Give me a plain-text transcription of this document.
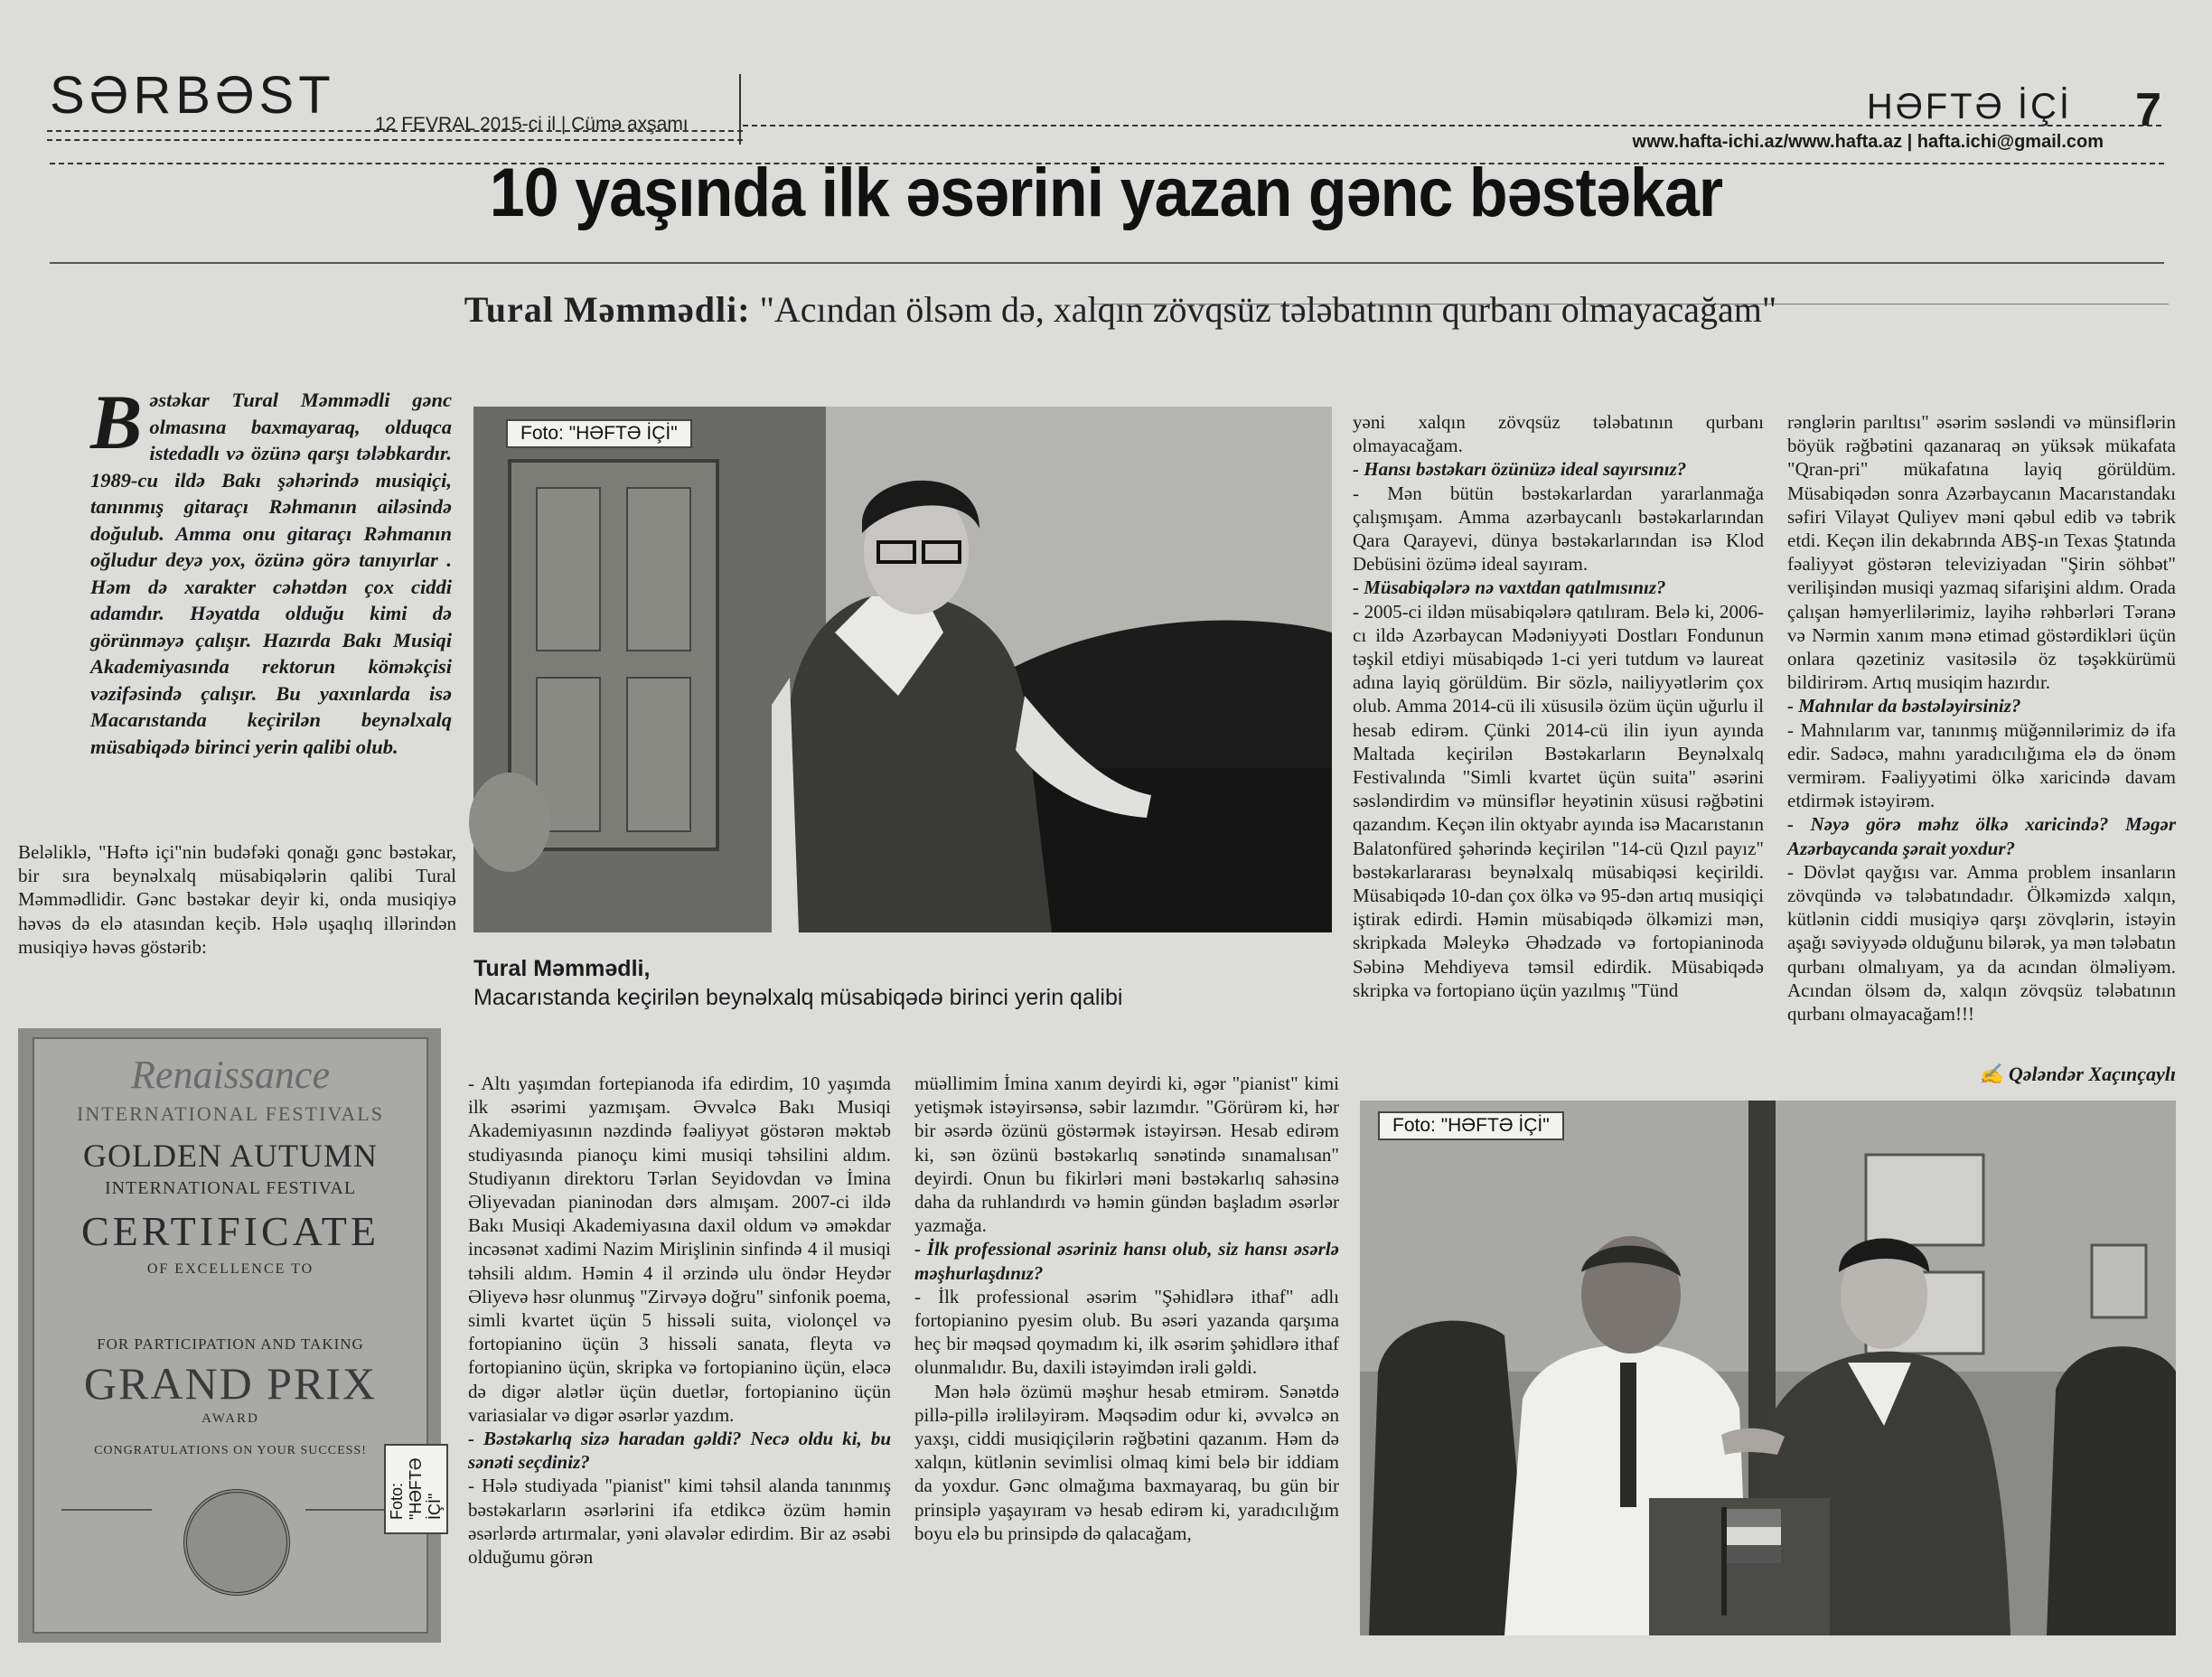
SƏRBƏST 12 FEVRAL 2015-ci il | Cümə axşamı	HƏFTƏ İÇİ 7
www.hafta-ichi.az/www.hafta.az | hafta.ichi@gmail.com
10 yaşında ilk əsərini yazan gənc bəstəkar
Tural Məmmədli: "Acından ölsəm də, xalqın zövqsüz tələbatının qurbanı olmayacağam"
Bəstəkar Tural Məmmədli gənc olmasına baxmayaraq, olduqca istedadlı və özünə qarşı tələbkardır. 1989-cu ildə Bakı şəhərində musiqiçi, tanınmış gitaraçı Rəhmanın ailəsində doğulub. Amma onu gitaraçı Rəhmanın oğludur deyə yox, özünə görə tanıyırlar . Həm də xarakter cəhətdən çox ciddi adamdır. Həyatda olduğu kimi də görünməyə çalışır. Hazırda Bakı Musiqi Akademiyasında rektorun köməkçisi vəzifəsində çalışır. Bu yaxınlarda isə Macarıstanda keçirilən beynəlxalq müsabiqədə birinci yerin qalibi olub.
Beləliklə, "Həftə içi"nin budəfəki qonağı gənc bəstəkar, bir sıra beynəlxalq müsabiqələrin qalibi Tural Məmmədlidir. Gənc bəstəkar deyir ki, onda musiqiyə həvəs də elə atasından keçib. Hələ uşaqlıq illərindən musiqiyə həvəs göstərib:
Renaissance
INTERNATIONAL FESTIVALS
GOLDEN AUTUMN
INTERNATIONAL FESTIVAL
CERTIFICATE
OF EXCELLENCE TO
FOR PARTICIPATION AND TAKING
GRAND PRIX
AWARD
CONGRATULATIONS ON YOUR SUCCESS!
Foto: "HƏFTƏ İÇİ"
Foto: "HƏFTƏ İÇİ"
Tural Məmmədli,
Macarıstanda keçirilən beynəlxalq müsabiqədə birinci yerin qalibi

- Altı yaşımdan fortepianoda ifa edirdim, 10 yaşımda ilk əsərimi yazmışam. Əvvəlcə Bakı Musiqi Akademiyasının nəzdində fəaliyyət göstərən məktəb studiyasında pianoçu kimi musiqi təhsilini aldım. Studiyanın direktoru Tərlan Seyidovdan və İmina Əliyevadan pianinodan dərs almışam. 2007-ci ildə Bakı Musiqi Akademiyasına daxil oldum və əməkdar incəsənət xadimi Nazim Mirişlinin sinfində 4 il musiqi təhsili aldım. Həmin 4 il ərzində ulu öndər Heydər Əliyevə həsr olunmuş "Zirvəyə doğru" sinfonik poema, simli kvartet üçün 5 hissəli suita, violonçel və fortopianino üçün 3 hissəli sanata, fleyta və fortopianino üçün, skripka və fortopianino üçün, eləcə də digər alətlər üçün duetlər, fortopianino üçün variasialar və digər əsərlər yazdım.

- Bəstəkarlıq sizə haradan gəldi? Necə oldu ki, bu sənəti seçdiniz?

- Hələ studiyada "pianist" kimi təhsil alanda tanınmış bəstəkarların əsərlərini ifa etdikcə özüm həmin əsərlərdə artırmalar, yəni əlavələr edirdim. Bir az əsəbi olduğumu görən

müəllimim İmina xanım deyirdi ki, əgər "pianist" kimi yetişmək istəyirsənsə, səbir lazımdır. "Görürəm ki, hər bir əsərdə özünü göstərmək istəyirsən. Hesab edirəm ki, sən özünü bəstəkarlıq sənətində sınamalısan" deyirdi. Onun bu fikirləri məni bəstəkarlıq sahəsinə daha da ruhlandırdı və həmin gündən başladım əsərlər yazmağa.

- İlk professional əsəriniz hansı olub, siz hansı əsərlə məşhurlaşdınız?

- İlk professional əsərim "Şəhidlərə ithaf" adlı fortopianino pyesim olub. Bu əsəri yazanda qarşıma heç bir məqsəd qoymadım ki, ilk əsərim şəhidlərə ithaf olunmalıdır. Bu, daxili istəyimdən irəli gəldi.

Mən hələ özümü məşhur hesab etmirəm. Sənətdə pillə-pillə irəliləyirəm. Məqsədim odur ki, əvvəlcə ən yaxşı, ciddi musiqiçilərin rəğbətini qazanım. Həm də xalqın, kütlənin sevimlisi olmaq kimi belə bir iddiam da yoxdur. Gənc olmağıma baxmayaraq, bu gün bir prinsiplə yaşayıram və hesab edirəm ki, yaradıcılığım boyu elə bu prinsipdə də qalacağam,

yəni xalqın zövqsüz tələbatının qurbanı olmayacağam.

- Hansı bəstəkarı özünüzə ideal sayırsınız?

- Mən bütün bəstəkarlardan yararlanmağa çalışmışam. Amma azərbaycanlı bəstəkarlarından Qara Qarayevi, dünya bəstəkarlarından isə Klod Debüsini özümə ideal sayıram.

- Müsabiqələrə nə vaxtdan qatılmısınız?

- 2005-ci ildən müsabiqələrə qatılıram. Belə ki, 2006-cı ildə Azərbaycan Mədəniyyəti Dostları Fondunun təşkil etdiyi müsabiqədə 1-ci yeri tutdum və laureat adına layiq görüldüm. Bir sözlə, nailiyyətlərim çox olub. Amma 2014-cü ili xüsusilə özüm üçün uğurlu il hesab edirəm. Çünki 2014-cü ilin iyun ayında Maltada keçirilən Bəstəkarların Beynəlxalq Festivalında "Simli kvartet üçün suita" əsərini səsləndirdim və münsiflər heyətinin xüsusi rəğbətini qazandım. Keçən ilin oktyabr ayında isə Macarıstanın Balatonfüred şəhərində keçirilən "14-cü Qızıl payız" bəstəkarlararası beynəlxalq müsabiqəsi keçirildi. Müsabiqədə 10-dan çox ölkə və 95-dən artıq musiqiçi iştirak edirdi. Həmin müsabiqədə ölkəmizi mən, skripkada Məleykə Əhədzadə və fortopianinoda Səbinə Mehdiyeva təmsil edirdik. Müsabiqədə skripka və fortopiano üçün yazılmış "Tünd

rənglərin parıltısı" əsərim səsləndi və münsiflərin böyük rəğbətini qazanaraq ən yüksək mükafata "Qran-pri" mükafatına layiq görüldüm. Müsabiqədən sonra Azərbaycanın Macarıstandakı səfiri Vilayət Quliyev məni qəbul edib və təbrik etdi. Keçən ilin dekabrında ABŞ-ın Texas Ştatında fəaliyyət göstərən televiziyadan "Şirin söhbət" verilişindən musiqi yazmaq sifarişini aldım. Orada çalışan həmyerlilərimiz, layihə rəhbərləri Təranə və Nərmin xanım mənə etimad göstərdikləri üçün onlara qəzetiniz vasitəsilə öz təşəkkürümü bildirirəm. Artıq musiqim hazırdır.

- Mahnılar da bəstələyirsiniz?

- Mahnılarım var, tanınmış müğənnilərimiz də ifa edir. Sadəcə, mahnı yaradıcılığıma elə də önəm vermirəm. Fəaliyyətimi ölkə xaricində davam etdirmək istəyirəm.

- Nəyə görə məhz ölkə xaricində? Məgər Azərbaycanda şərait yoxdur?

- Dövlət qayğısı var. Amma problem insanların zövqündə və tələbatındadır. Ölkəmizdə xalqın, kütlənin ciddi musiqiyə qarşı zövqlərin, istəyin aşağı səviyyədə olduğunu bilərək, ya mən tələbatın qurbanı olmalıyam, ya da acından ölməliyəm. Acından ölsəm də, xalqın zövqsüz tələbatının qurbanı olmayacağam!!!

✍ Qələndər Xaçınçaylı
Foto: "HƏFTƏ İÇİ"
